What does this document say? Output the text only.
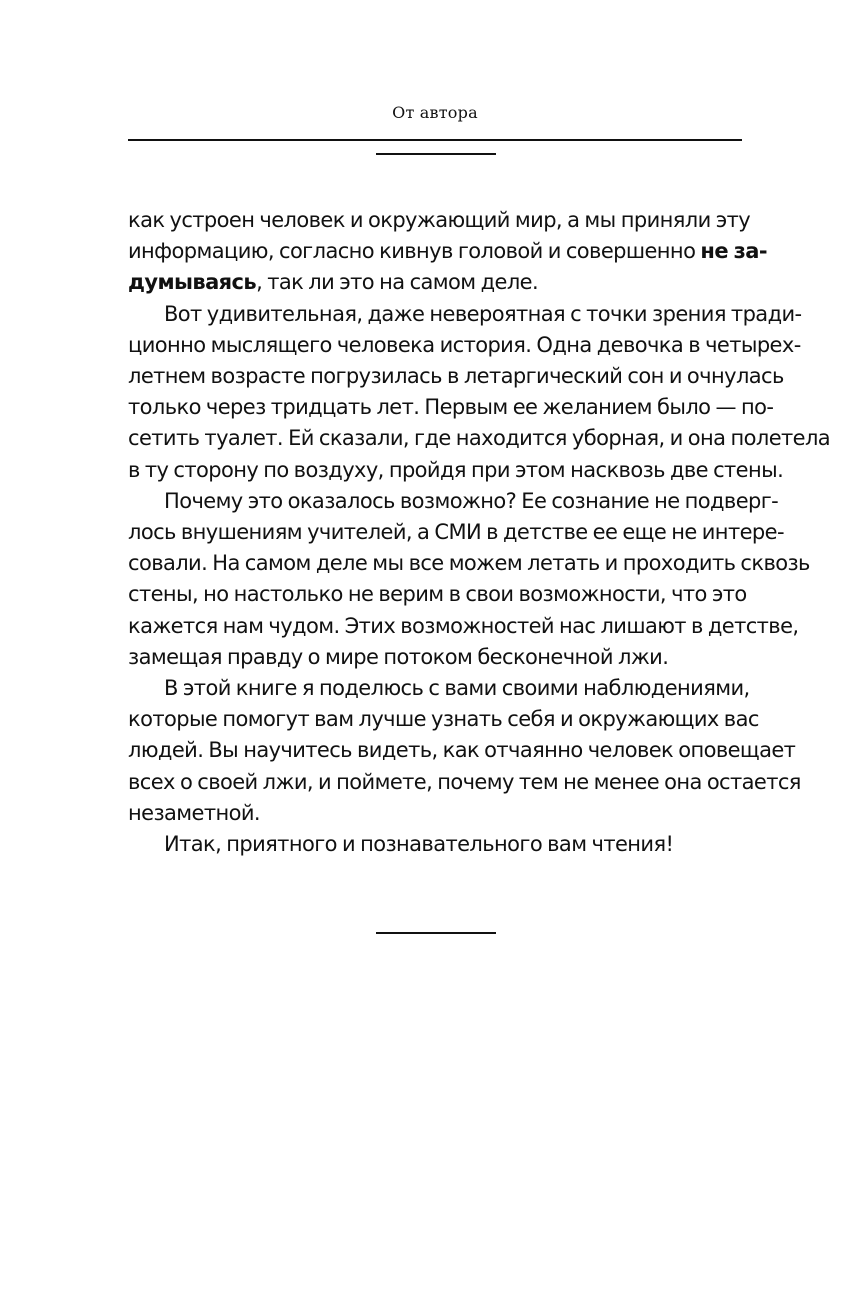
От автора
как устроен человек и окружающий мир, а мы приняли эту
информацию, согласно кивнув головой и совершенно не за-
думываясь, так ли это на самом деле.
Вот удивительная, даже невероятная с точки зрения тради-
ционно мыслящего человека история. Одна девочка в четырех-
летнем возрасте погрузилась в летаргический сон и очнулась
только через тридцать лет. Первым ее желанием было — по-
сетить туалет. Ей сказали, где находится уборная, и она полетела
в ту сторону по воздуху, пройдя при этом насквозь две стены.
Почему это оказалось возможно? Ее сознание не подверг-
лось внушениям учителей, а СМИ в детстве ее еще не интере-
совали. На самом деле мы все можем летать и проходить сквозь
стены, но настолько не верим в свои возможности, что это
кажется нам чудом. Этих возможностей нас лишают в детстве,
замещая правду о мире потоком бесконечной лжи.
В этой книге я поделюсь с вами своими наблюдениями,
которые помогут вам лучше узнать себя и окружающих вас
людей. Вы научитесь видеть, как отчаянно человек оповещает
всех о своей лжи, и поймете, почему тем не менее она остается
незаметной.
Итак, приятного и познавательного вам чтения!
